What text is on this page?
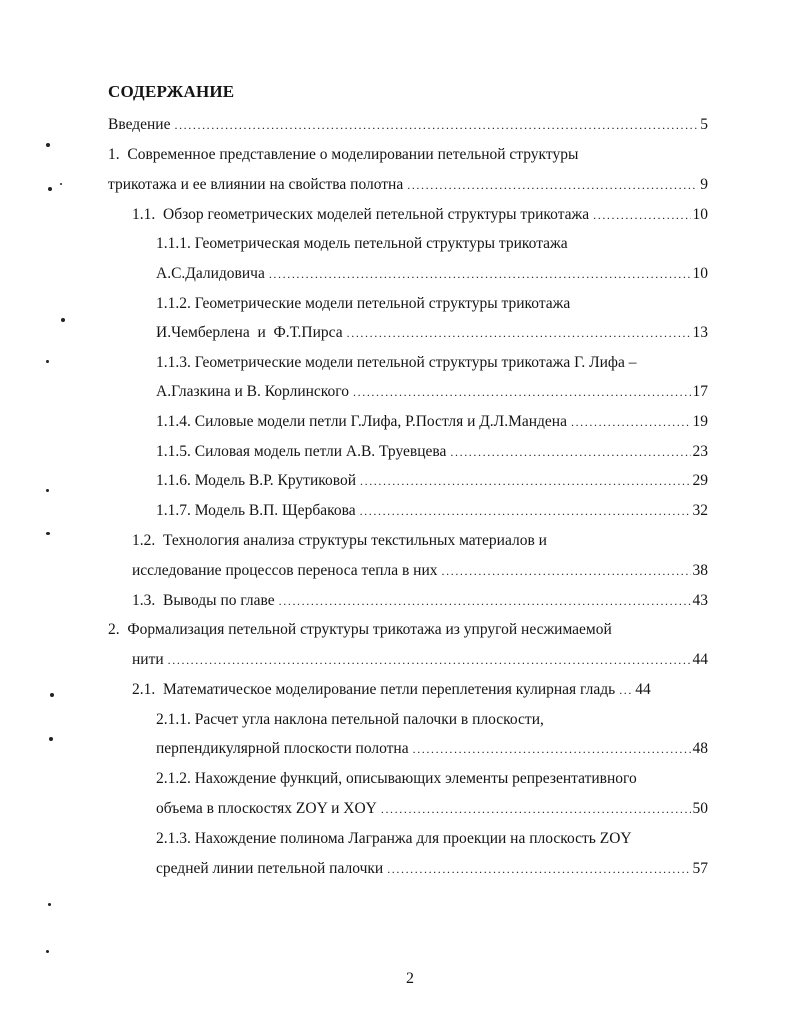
СОДЕРЖАНИЕ
Введение .....	5
1.  Современное представление о моделировании петельной структуры
трикотажа и ее влиянии на свойства полотна .....	9
1.1.  Обзор геометрических моделей петельной структуры трикотажа .....	10
1.1.1. Геометрическая модель петельной структуры трикотажа
А.С.Далидовича .....	10
1.1.2. Геометрические модели петельной структуры трикотажа
И.Чемберлена  и  Ф.Т.Пирса .....	13
1.1.3. Геометрические модели петельной структуры трикотажа Г. Лифа –
А.Глазкина и В. Корлинского .....	17
1.1.4. Силовые модели петли Г.Лифа, Р.Постля и Д.Л.Мандена .....	19
1.1.5. Силовая модель петли А.В. Труевцева .....	23
1.1.6. Модель В.Р. Крутиковой .....	29
1.1.7. Модель В.П. Щербакова .....	32
1.2.  Технология анализа структуры текстильных материалов и
исследование процессов переноса тепла в них .....	38
1.3.  Выводы по главе .....	43
2.  Формализация петельной структуры трикотажа из упругой несжимаемой
нити .....	44
2.1.  Математическое моделирование петли переплетения кулирная гладь ..... 44
2.1.1. Расчет угла наклона петельной палочки в плоскости,
перпендикулярной плоскости полотна .....	48
2.1.2. Нахождение функций, описывающих элементы репрезентативного
объема в плоскостях ZOY и XOY .....	50
2.1.3. Нахождение полинома Лагранжа для проекции на плоскость ZOY
средней линии петельной палочки .....	57
2
